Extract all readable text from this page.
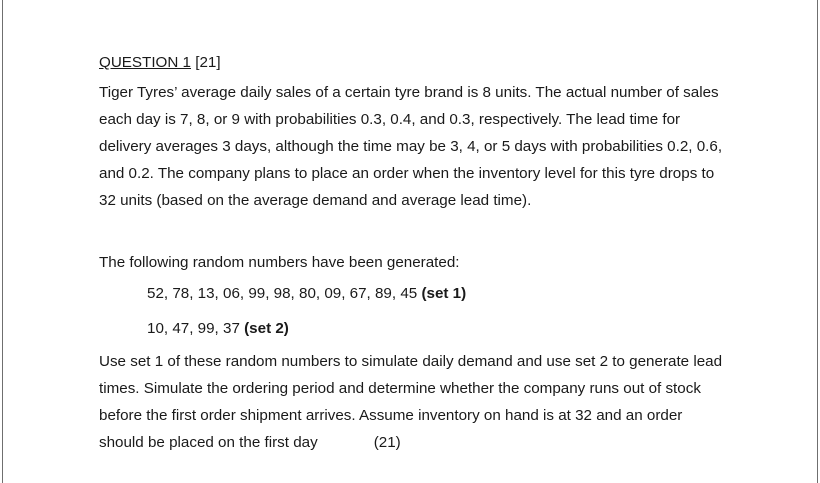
QUESTION 1 [21]

Tiger Tyres’ average daily sales of a certain tyre brand is 8 units. The actual number of sales each day is 7, 8, or 9 with probabilities 0.3, 0.4, and 0.3, respectively. The lead time for delivery averages 3 days, although the time may be 3, 4, or 5 days with probabilities 0.2, 0.6, and 0.2. The company plans to place an order when the inventory level for this tyre drops to 32 units (based on the average demand and average lead time).

The following random numbers have been generated:

52, 78, 13, 06, 99, 98, 80, 09, 67, 89, 45 (set 1)
10, 47, 99, 37 (set 2)

Use set 1 of these random numbers to simulate daily demand and use set 2 to generate lead times. Simulate the ordering period and determine whether the company runs out of stock before the first order shipment arrives. Assume inventory on hand is at 32 and an order should be placed on the first day	(21)
